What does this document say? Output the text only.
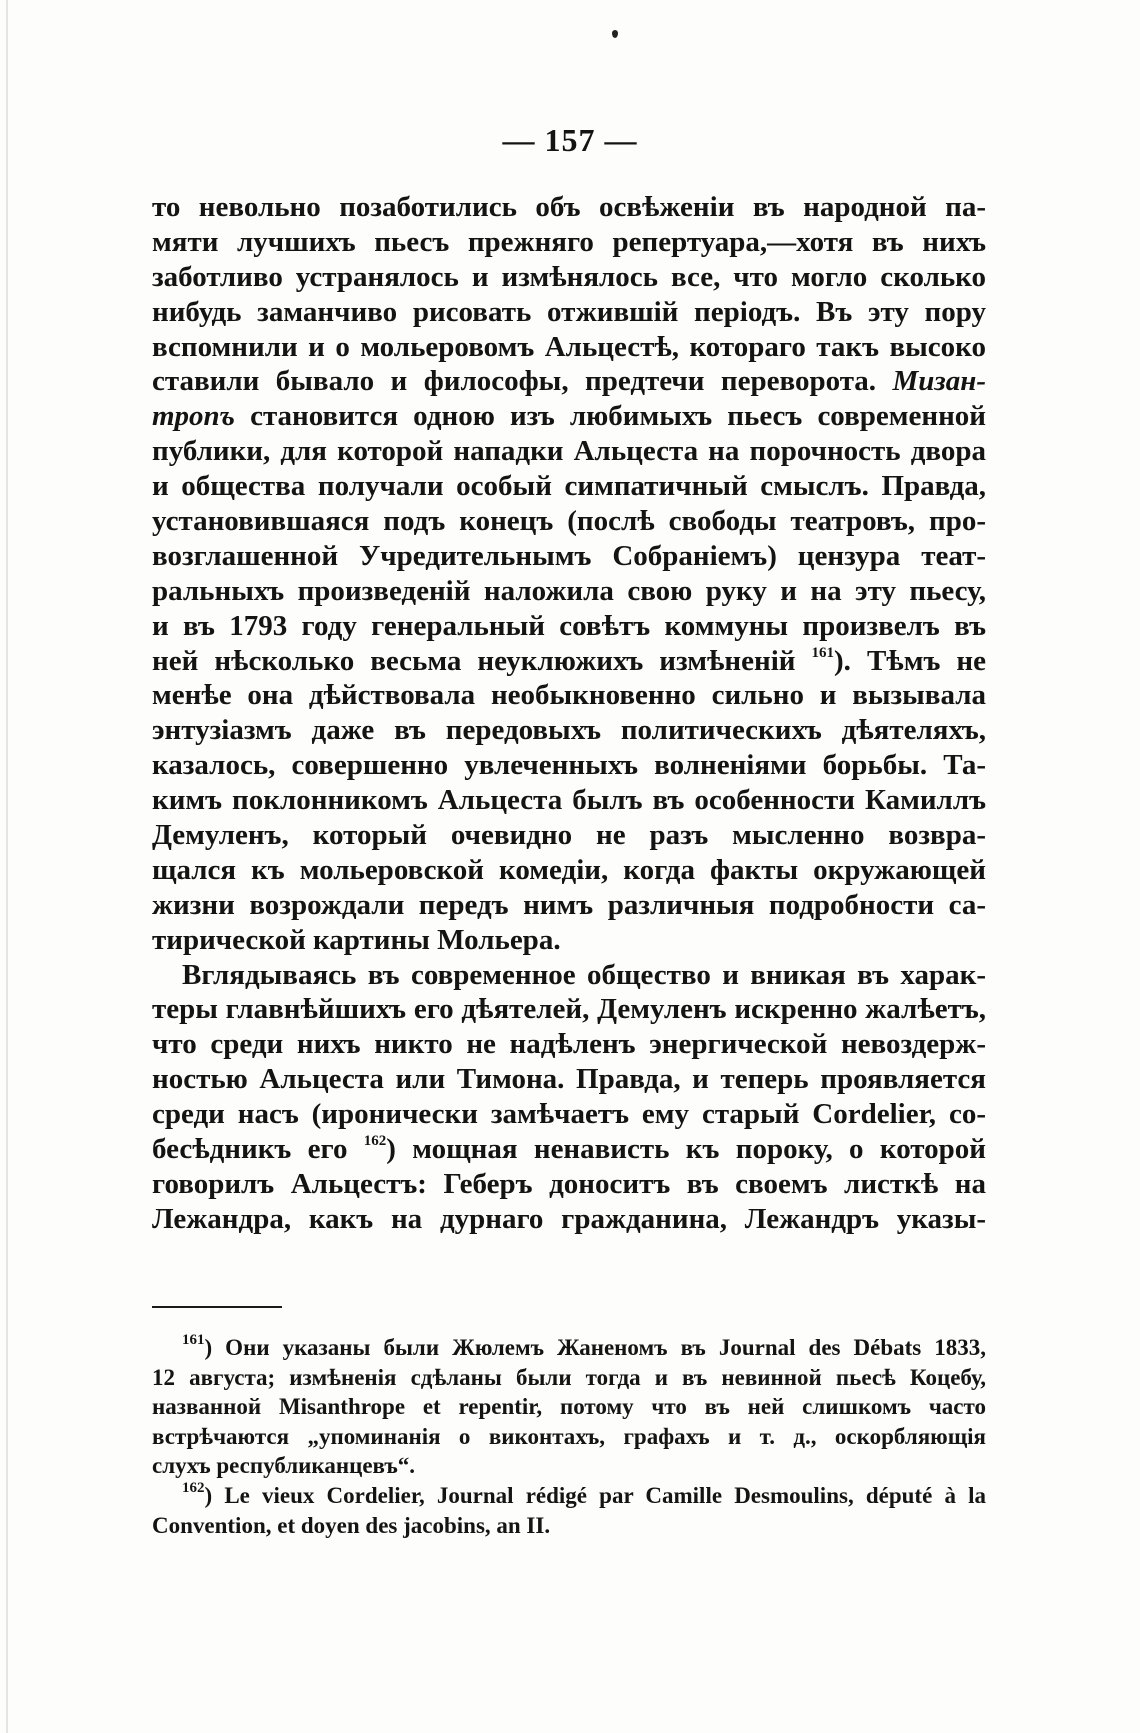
— 157 —
то невольно позаботились объ освѣженіи въ народной па-
мяти лучшихъ пьесъ прежняго репертуара,—хотя въ нихъ
заботливо устранялось и измѣнялось все, что могло сколько
нибудь заманчиво рисовать отжившій періодъ. Въ эту пору
вспомнили и о мольеровомъ Альцестѣ, котораго такъ высоко
ставили бывало и философы, предтечи переворота. Мизан-
тропъ становится одною изъ любимыхъ пьесъ современной
публики, для которой нападки Альцеста на порочность двора
и общества получали особый симпатичный смыслъ. Правда,
установившаяся подъ конецъ (послѣ свободы театровъ, про-
возглашенной Учредительнымъ Собраніемъ) цензура теат-
ральныхъ произведеній наложила свою руку и на эту пьесу,
и въ 1793 году генеральный совѣтъ коммуны произвелъ въ
ней нѣсколько весьма неуклюжихъ измѣненій $^{161}$). Тѣмъ не
менѣе она дѣйствовала необыкновенно сильно и вызывала
энтузіазмъ даже въ передовыхъ политическихъ дѣятеляхъ,
казалось, совершенно увлеченныхъ волненіями борьбы. Та-
кимъ поклонникомъ Альцеста былъ въ особенности Камиллъ
Демуленъ, который очевидно не разъ мысленно возвра-
щался къ мольеровской комедіи, когда факты окружающей
жизни возрождали передъ нимъ различныя подробности са-
тирической картины Мольера.
Вглядываясь въ современное общество и вникая въ харак-
теры главнѣйшихъ его дѣятелей, Демуленъ искренно жалѣетъ,
что среди нихъ никто не надѣленъ энергической невоздерж-
ностью Альцеста или Тимона. Правда, и теперь проявляется
среди насъ (иронически замѣчаетъ ему старый Cordelier, со-
бесѣдникъ его $^{162}$) мощная ненависть къ пороку, о которой
говорилъ Альцестъ: Геберъ доноситъ въ своемъ листкѣ на
Лежандра, какъ на дурнаго гражданина, Лежандръ указы-
$^{161}$) Они указаны были Жюлемъ Жаненомъ въ Journal des Débats 1833,
12 августа; измѣненія сдѣланы были тогда и въ невинной пьесѣ Коцебу,
названной Misanthrope et repentir, потому что въ ней слишкомъ часто
встрѣчаются „упоминанія о виконтахъ, графахъ и т. д., оскорбляющія
слухъ республиканцевъ“.
$^{162}$) Le vieux Cordelier, Journal rédigé par Camille Desmoulins, député à la
Convention, et doyen des jacobins, an II.
